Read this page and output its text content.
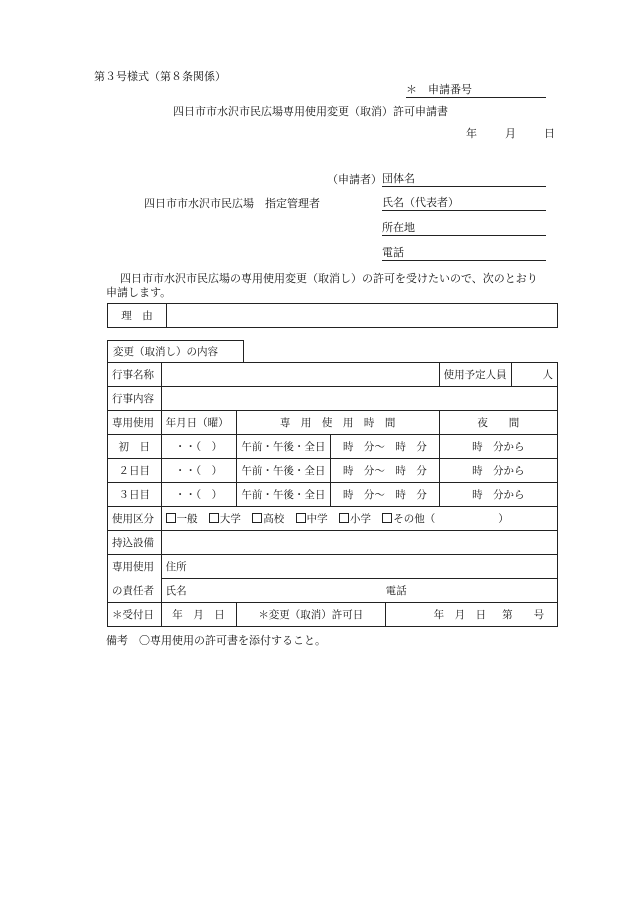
第３号様式（第８条関係）
＊　申請番号
四日市市水沢市民広場専用使用変更（取消）許可申請書
年	月	日
（申請者） 団体名
四日市市水沢市民広場　指定管理者	氏名（代表者）
所在地
電話
四日市市水沢市民広場の専用使用変更（取消し）の許可を受けたいので、次のとおり
申請します。
理　由	
変更（取消し）の内容
行事名称					使用予定人員	人
行事内容						
専用使用	年月日（曜）	専　用　使　用　時　間			夜　　間	
初　日	・・（　）	午前・午後・全日	時　分～　時　分		時　分から	
２日目	・・（　）	午前・午後・全日	時　分～　時　分		時　分から	
３日目	・・（　）	午前・午後・全日	時　分～　時　分		時　分から	
使用区分	一般 大学 高校 中学 小学 その他（　　　　　　）					
持込設備						
専用使用	住所					
の責任者	氏名			電話		
＊受付日	年　月　日	＊変更（取消）許可日		年　月　日 第　　号		
備考　〇専用使用の許可書を添付すること。
